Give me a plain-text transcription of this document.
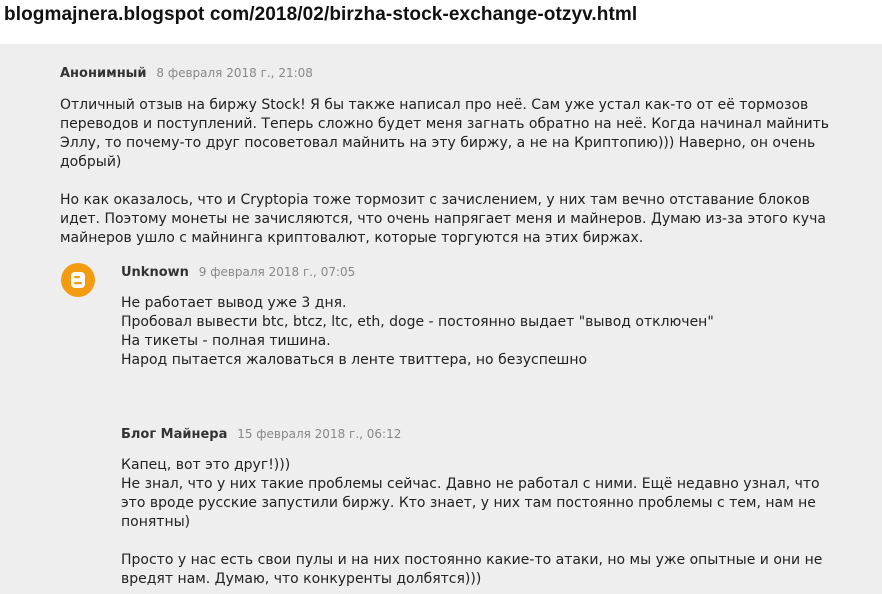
blogmajnera.blogspot com/2018/02/birzha-stock-exchange-otzyv.html
Анонимный 8 февраля 2018 г., 21:08
Отличный отзыв на биржу Stock! Я бы также написал про неё. Сам уже устал как-то от её тормозов
переводов и поступлений. Теперь сложно будет меня загнать обратно на неё. Когда начинал майнить
Эллу, то почему-то друг посоветовал майнить на эту биржу, а не на Криптопию))) Наверно, он очень
добрый)
Но как оказалось, что и Cryptopia тоже тормозит с зачислением, у них там вечно отставание блоков
идет. Поэтому монеты не зачисляются, что очень напрягает меня и майнеров. Думаю из-за этого куча
майнеров ушло с майнинга криптовалют, которые торгуются на этих биржах.
Unknown 9 февраля 2018 г., 07:05
Не работает вывод уже 3 дня.
Пробовал вывести btc, btcz, ltc, eth, doge - постоянно выдает "вывод отключен"
На тикеты - полная тишина.
Народ пытается жаловаться в ленте твиттера, но безуспешно
Блог Майнера 15 февраля 2018 г., 06:12
Капец, вот это друг!)))
Не знал, что у них такие проблемы сейчас. Давно не работал с ними. Ещё недавно узнал, что
это вроде русские запустили биржу. Кто знает, у них там постоянно проблемы с тем, нам не
понятны)
Просто у нас есть свои пулы и на них постоянно какие-то атаки, но мы уже опытные и они не
вредят нам. Думаю, что конкуренты долбятся)))
